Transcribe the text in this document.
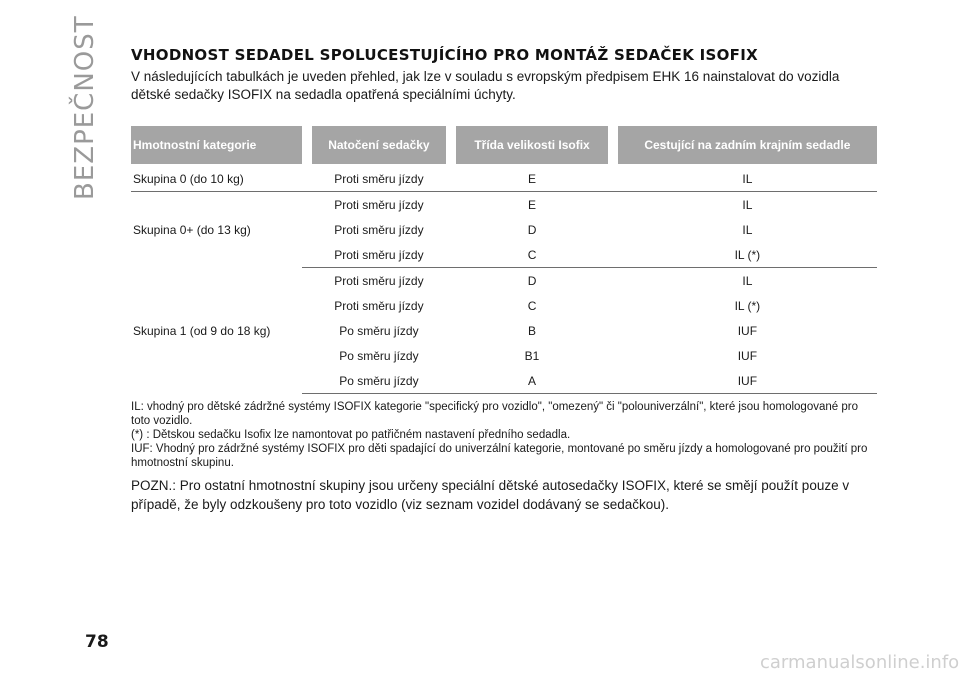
BEZPEČNOST VHODNOST SEDADEL SPOLUCESTUJÍCÍHO PRO MONTÁŽ SEDAČEK ISOFIX

V následujících tabulkách je uveden přehled, jak lze v souladu s evropským předpisem EHK 16 nainstalovat do vozidla dětské sedačky ISOFIX na sedadla opatřená speciálními úchyty.

Hmotnostní kategorie		Natočení sedačky		Třída velikosti Isofix		Cestující na zadním krajním sedadle
Skupina 0 (do 10 kg)		Proti směru jízdy		E		IL
Skupina 0+ (do 13 kg)		Proti směru jízdy		E		IL
		Proti směru jízdy		D		IL
		Proti směru jízdy		C		IL (*)
Skupina 1 (od 9 do 18 kg)		Proti směru jízdy		D		IL
		Proti směru jízdy		C		IL (*)
		Po směru jízdy		B		IUF
		Po směru jízdy		B1		IUF
		Po směru jízdy		A		IUF

IL: vhodný pro dětské zádržné systémy ISOFIX kategorie "specifický pro vozidlo", "omezený" či "polouniverzální", které jsou homologované pro toto vozidlo.

(*) : Dětskou sedačku Isofix lze namontovat po patřičném nastavení předního sedadla.

IUF: Vhodný pro zádržné systémy ISOFIX pro děti spadající do univerzální kategorie, montované po směru jízdy a homologované pro použití pro hmotnostní skupinu.

POZN.: Pro ostatní hmotnostní skupiny jsou určeny speciální dětské autosedačky ISOFIX, které se smějí použít pouze v případě, že byly odzkoušeny pro toto vozidlo (viz seznam vozidel dodávaný se sedačkou).

78
carmanualsonline.info
